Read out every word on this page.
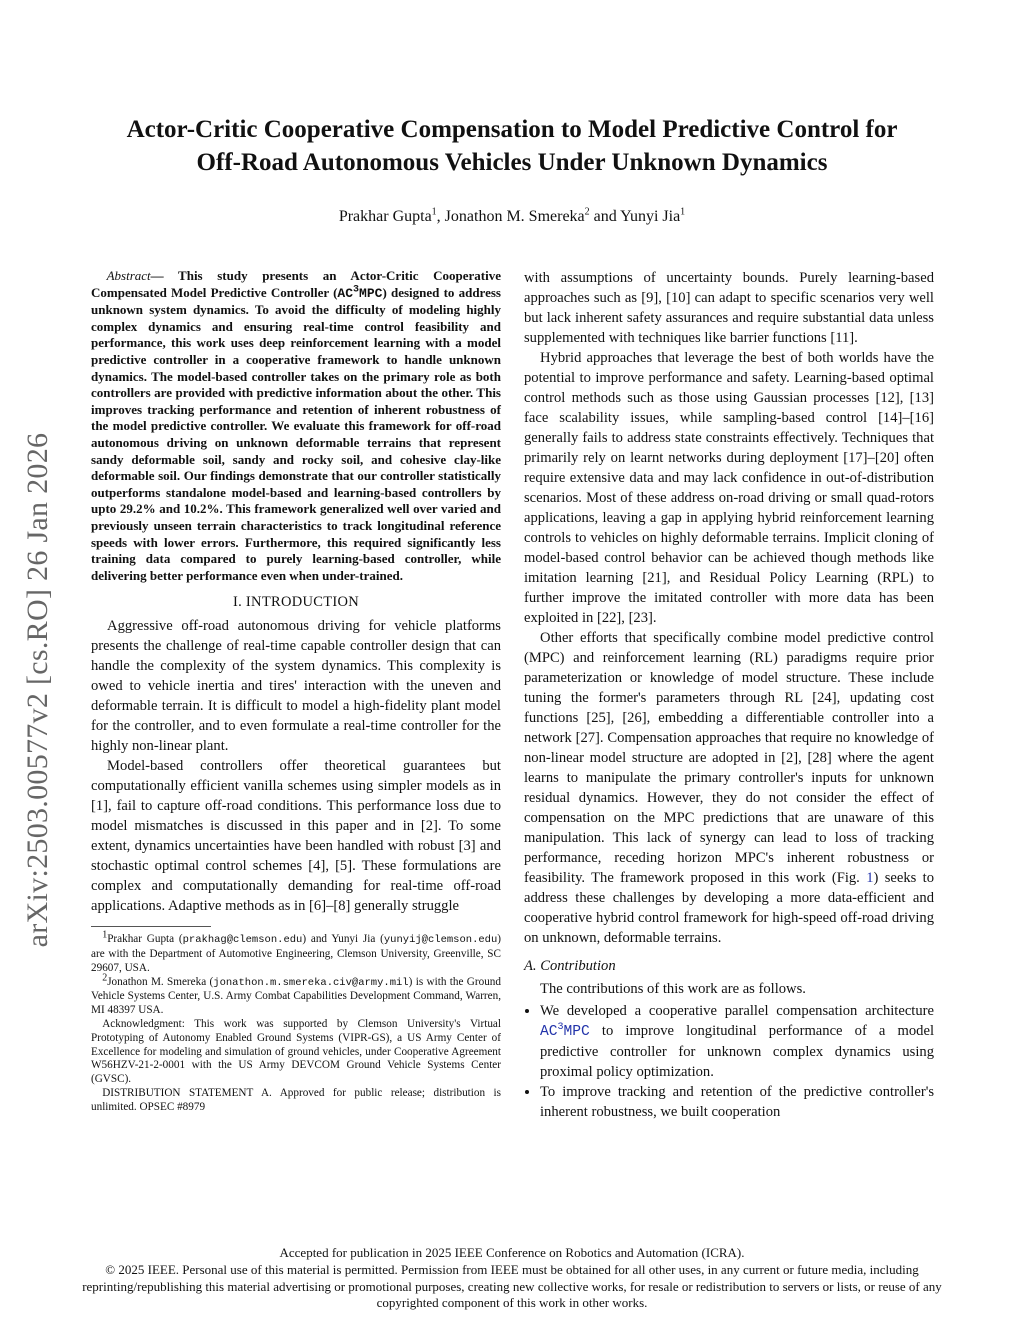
arXiv:2503.00577v2 [cs.RO] 26 Jan 2026
Actor-Critic Cooperative Compensation to Model Predictive Control for
Off-Road Autonomous Vehicles Under Unknown Dynamics
Prakhar Gupta$^1$, Jonathon M. Smereka$^2$ and Yunyi Jia$^1$

Abstract— This study presents an Actor-Critic Cooperative Compensated Model Predictive Controller $(AC^3MPC)$ designed to address unknown system dynamics. To avoid the difficulty of modeling highly complex dynamics and ensuring real-time control feasibility and performance, this work uses deep reinforcement learning with a model predictive controller in a cooperative framework to handle unknown dynamics. The model-based controller takes on the primary role as both controllers are provided with predictive information about the other. This improves tracking performance and retention of inherent robustness of the model predictive controller. We evaluate this framework for off-road autonomous driving on unknown deformable terrains that represent sandy deformable soil, sandy and rocky soil, and cohesive clay-like deformable soil. Our findings demonstrate that our controller statistically outperforms standalone model-based and learning-based controllers by upto 29.2% and 10.2%. This framework generalized well over varied and previously unseen terrain characteristics to track longitudinal reference speeds with lower errors. Furthermore, this required significantly less training data compared to purely learning-based controller, while delivering better performance even when under-trained.

I. INTRODUCTION

Aggressive off-road autonomous driving for vehicle platforms presents the challenge of real-time capable controller design that can handle the complexity of the system dynamics. This complexity is owed to vehicle inertia and tires' interaction with the uneven and deformable terrain. It is difficult to model a high-fidelity plant model for the controller, and to even formulate a real-time controller for the highly non-linear plant.

Model-based controllers offer theoretical guarantees but computationally efficient vanilla schemes using simpler models as in [1], fail to capture off-road conditions. This performance loss due to model mismatches is discussed in this paper and in [2]. To some extent, dynamics uncertainties have been handled with robust [3] and stochastic optimal control schemes [4], [5]. These formulations are complex and computationally demanding for real-time off-road applications. Adaptive methods as in [6]–[8] generally struggle

$^1$Prakhar Gupta (prakhag@clemson.edu) and Yunyi Jia (yunyij@clemson.edu) are with the Department of Automotive Engineering, Clemson University, Greenville, SC 29607, USA.

$^2$Jonathon M. Smereka (jonathon.m.smereka.civ@army.mil) is with the Ground Vehicle Systems Center, U.S. Army Combat Capabilities Development Command, Warren, MI 48397 USA.

Acknowledgment: This work was supported by Clemson University's Virtual Prototyping of Autonomy Enabled Ground Systems (VIPR-GS), a US Army Center of Excellence for modeling and simulation of ground vehicles, under Cooperative Agreement W56HZV-21-2-0001 with the US Army DEVCOM Ground Vehicle Systems Center (GVSC).

DISTRIBUTION STATEMENT A. Approved for public release; distribution is unlimited. OPSEC #8979

with assumptions of uncertainty bounds. Purely learning-based approaches such as [9], [10] can adapt to specific scenarios very well but lack inherent safety assurances and require substantial data unless supplemented with techniques like barrier functions [11].

Hybrid approaches that leverage the best of both worlds have the potential to improve performance and safety. Learning-based optimal control methods such as those using Gaussian processes [12], [13] face scalability issues, while sampling-based control [14]–[16] generally fails to address state constraints effectively. Techniques that primarily rely on learnt networks during deployment [17]–[20] often require extensive data and may lack confidence in out-of-distribution scenarios. Most of these address on-road driving or small quad-rotors applications, leaving a gap in applying hybrid reinforcement learning controls to vehicles on highly deformable terrains. Implicit cloning of model-based control behavior can be achieved though methods like imitation learning [21], and Residual Policy Learning (RPL) to further improve the imitated controller with more data has been exploited in [22], [23].

Other efforts that specifically combine model predictive control (MPC) and reinforcement learning (RL) paradigms require prior parameterization or knowledge of model structure. These include tuning the former's parameters through RL [24], updating cost functions [25], [26], embedding a differentiable controller into a network [27]. Compensation approaches that require no knowledge of non-linear model structure are adopted in [2], [28] where the agent learns to manipulate the primary controller's inputs for unknown residual dynamics. However, they do not consider the effect of compensation on the MPC predictions that are unaware of this manipulation. This lack of synergy can lead to loss of tracking performance, receding horizon MPC's inherent robustness or feasibility. The framework proposed in this work (Fig. 1) seeks to address these challenges by developing a more data-efficient and cooperative hybrid control framework for high-speed off-road driving on unknown, deformable terrains.

A. Contribution

The contributions of this work are as follows.

• We developed a cooperative parallel compensation architecture $AC^3MPC$ to improve longitudinal performance of a model predictive controller for unknown complex dynamics using proximal policy optimization.
• To improve tracking and retention of the predictive controller's inherent robustness, we built cooperation
Accepted for publication in 2025 IEEE Conference on Robotics and Automation (ICRA).
© 2025 IEEE. Personal use of this material is permitted. Permission from IEEE must be obtained for all other uses, in any current or future media, including reprinting/republishing this material advertising or promotional purposes, creating new collective works, for resale or redistribution to servers or lists, or reuse of any copyrighted component of this work in other works.
